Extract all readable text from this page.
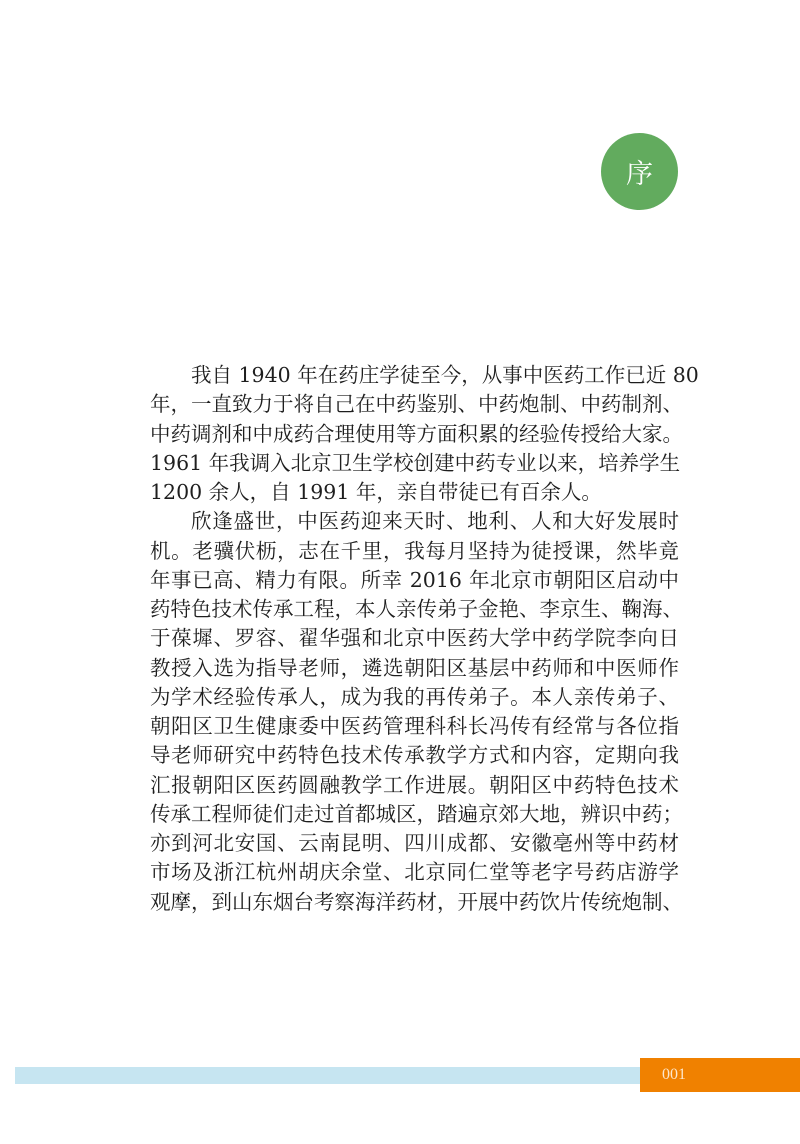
序
我自 1940 年在药庄学徒至今，从事中医药工作已近 80
年，一直致力于将自己在中药鉴别、中药炮制、中药制剂、
中药调剂和中成药合理使用等方面积累的经验传授给大家。
1961 年我调入北京卫生学校创建中药专业以来，培养学生
1200 余人，自 1991 年，亲自带徒已有百余人。
欣逢盛世，中医药迎来天时、地利、人和大好发展时
机。老骥伏枥，志在千里，我每月坚持为徒授课，然毕竟
年事已高、精力有限。所幸 2016 年北京市朝阳区启动中
药特色技术传承工程，本人亲传弟子金艳、李京生、鞠海、
于葆墀、罗容、翟华强和北京中医药大学中药学院李向日
教授入选为指导老师，遴选朝阳区基层中药师和中医师作
为学术经验传承人，成为我的再传弟子。本人亲传弟子、
朝阳区卫生健康委中医药管理科科长冯传有经常与各位指
导老师研究中药特色技术传承教学方式和内容，定期向我
汇报朝阳区医药圆融教学工作进展。朝阳区中药特色技术
传承工程师徒们走过首都城区，踏遍京郊大地，辨识中药；
亦到河北安国、云南昆明、四川成都、安徽亳州等中药材
市场及浙江杭州胡庆余堂、北京同仁堂等老字号药店游学
观摩，到山东烟台考察海洋药材，开展中药饮片传统炮制、
001
